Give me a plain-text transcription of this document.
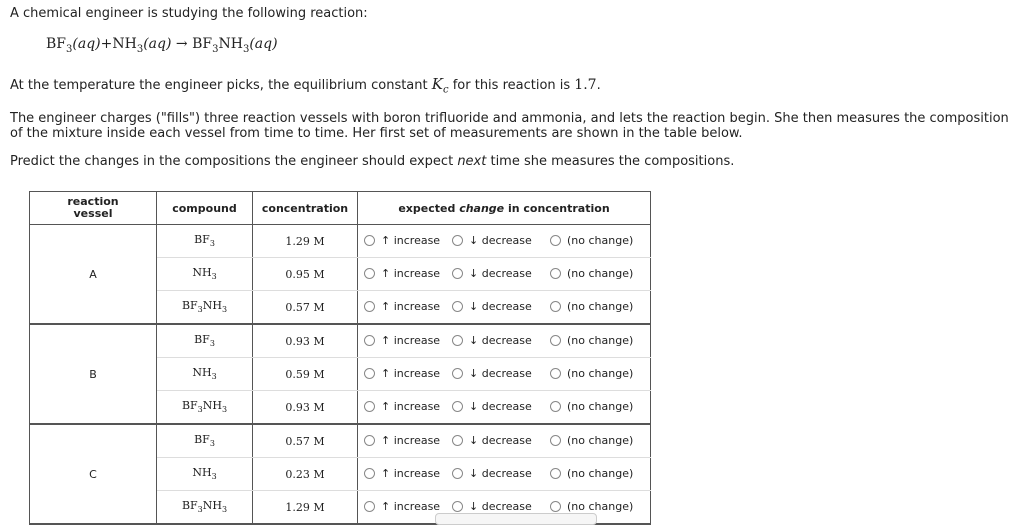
A chemical engineer is studying the following reaction:
$BF_3(aq)+NH_3(aq) \to BF_3NH_3(aq)$
At the temperature the engineer picks, the equilibrium constant $K_c$ for this reaction is 1.7.
The engineer charges ("fills") three reaction vessels with boron trifluoride and ammonia, and lets the reaction begin. She then measures the composition of the mixture inside each vessel from time to time. Her first set of measurements are shown in the table below.
Predict the changes in the compositions the engineer should expect next time she measures the compositions.
reaction vessel	compound	concentration	expected change in concentration
A	$BF_3$	1.29 M	↑ increase ↓ decrease (no change)

	$NH_3$	0.95 M	↑ increase ↓ decrease (no change)

	$BF_3NH_3$	0.57 M	↑ increase ↓ decrease (no change)

B	$BF_3$	0.93 M	↑ increase ↓ decrease (no change)

	$NH_3$	0.59 M	↑ increase ↓ decrease (no change)

	$BF_3NH_3$	0.93 M	↑ increase ↓ decrease (no change)

C	$BF_3$	0.57 M	↑ increase ↓ decrease (no change)

	$NH_3$	0.23 M	↑ increase ↓ decrease (no change)

	$BF_3NH_3$	1.29 M	↑ increase ↓ decrease (no change)
